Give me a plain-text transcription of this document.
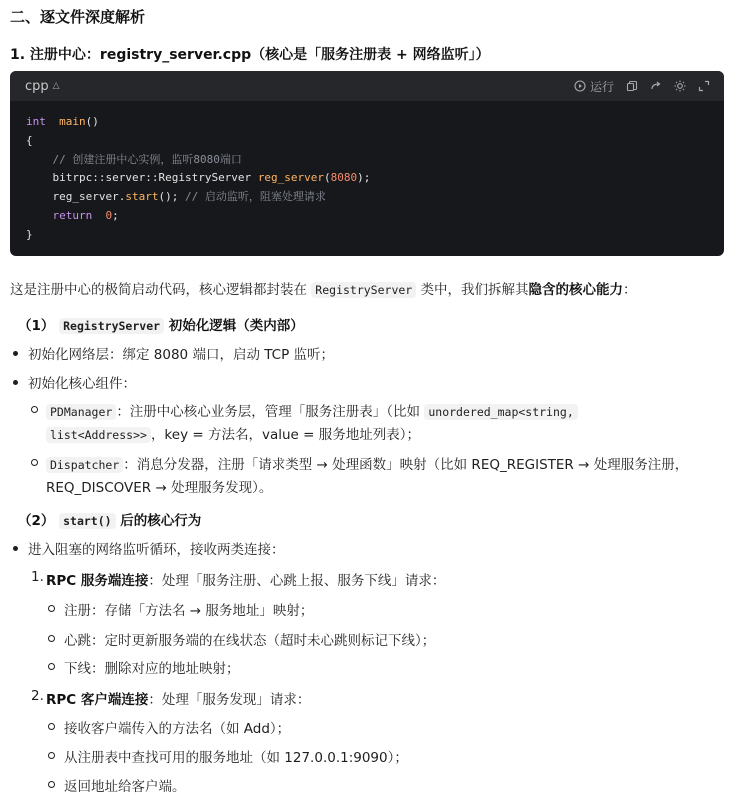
二、逐文件深度解析
1. 注册中心：registry_server.cpp（核心是「服务注册表 + 网络监听」）
cpp △	运行
int main()
{
// 创建注册中心实例，监听8080端口
bitrpc::server::RegistryServer reg_server(8080);
reg_server.start(); // 启动监听，阻塞处理请求
return 0;
}
这是注册中心的极简启动代码，核心逻辑都封装在 RegistryServer 类中，我们拆解其隐含的核心能力：
（1） RegistryServer 初始化逻辑（类内部）
初始化网络层：绑定 8080 端口，启动 TCP 监听；
初始化核心组件：
PDManager ：注册中心核心业务层，管理「服务注册表」（比如 unordered_map<string,
list<Address>> ，key = 方法名，value = 服务地址列表）；
Dispatcher ：消息分发器，注册「请求类型 → 处理函数」映射（比如 REQ_REGISTER → 处理服务注册，
REQ_DISCOVER → 处理服务发现）。
（2） start() 后的核心行为
进入阻塞的网络监听循环，接收两类连接：
1. RPC 服务端连接：处理「服务注册、心跳上报、服务下线」请求：
注册：存储「方法名 → 服务地址」映射；
心跳：定时更新服务端的在线状态（超时未心跳则标记下线）；
下线：删除对应的地址映射；
2. RPC 客户端连接：处理「服务发现」请求：
接收客户端传入的方法名（如 Add）；
从注册表中查找可用的服务地址（如 127.0.0.1:9090）；
返回地址给客户端。
